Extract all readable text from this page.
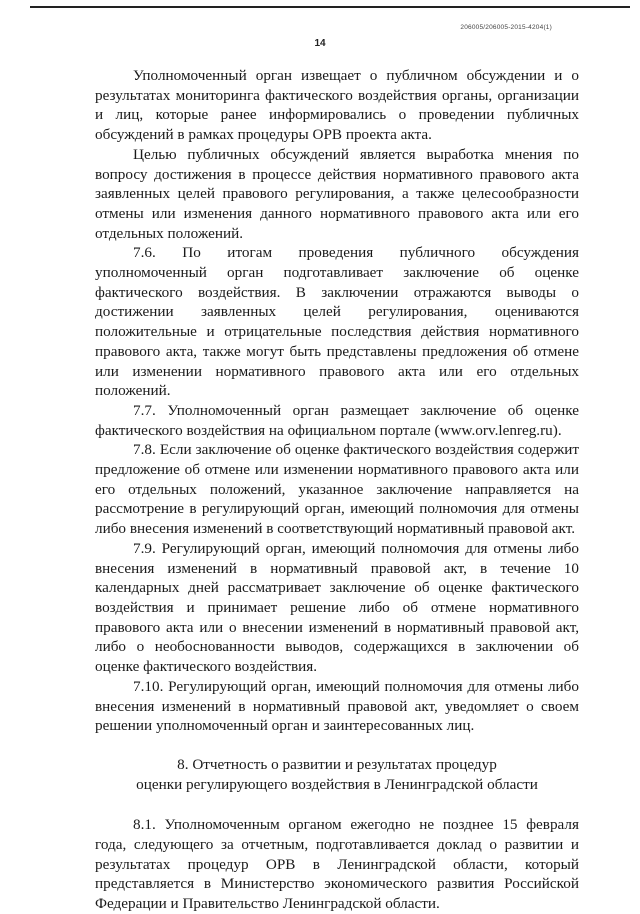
206005/206005-2015-4204(1)
14

Уполномоченный орган извещает о публичном обсуждении и о результатах мониторинга фактического воздействия органы, организации и лиц, которые ранее информировались о проведении публичных обсуждений в рамках процедуры ОРВ проекта акта.

Целью публичных обсуждений является выработка мнения по вопросу достижения в процессе действия нормативного правового акта заявленных целей правового регулирования, а также целесообразности отмены или изменения данного нормативного правового акта или его отдельных положений.

7.6. По итогам проведения публичного обсуждения уполномоченный орган подготавливает заключение об оценке фактического воздействия. В заключении отражаются выводы о достижении заявленных целей регулирования, оцениваются положительные и отрицательные последствия действия нормативного правового акта, также могут быть представлены предложения об отмене или изменении нормативного правового акта или его отдельных положений.

7.7. Уполномоченный орган размещает заключение об оценке фактического воздействия на официальном портале (www.orv.lenreg.ru).

7.8. Если заключение об оценке фактического воздействия содержит предложение об отмене или изменении нормативного правового акта или его отдельных положений, указанное заключение направляется на рассмотрение в регулирующий орган, имеющий полномочия для отмены либо внесения изменений в соответствующий нормативный правовой акт.

7.9. Регулирующий орган, имеющий полномочия для отмены либо внесения изменений в нормативный правовой акт, в течение 10 календарных дней рассматривает заключение об оценке фактического воздействия и принимает решение либо об отмене нормативного правового акта или о внесении изменений в нормативный правовой акт, либо о необоснованности выводов, содержащихся в заключении об оценке фактического воздействия.

7.10. Регулирующий орган, имеющий полномочия для отмены либо внесения изменений в нормативный правовой акт, уведомляет о своем решении уполномоченный орган и заинтересованных лиц.

8. Отчетность о развитии и результатах процедур
оценки регулирующего воздействия в Ленинградской области

8.1. Уполномоченным органом ежегодно не позднее 15 февраля года, следующего за отчетным, подготавливается доклад о развитии и результатах процедур ОРВ в Ленинградской области, который представляется в Министерство экономического развития Российской Федерации и Правительство Ленинградской области.
